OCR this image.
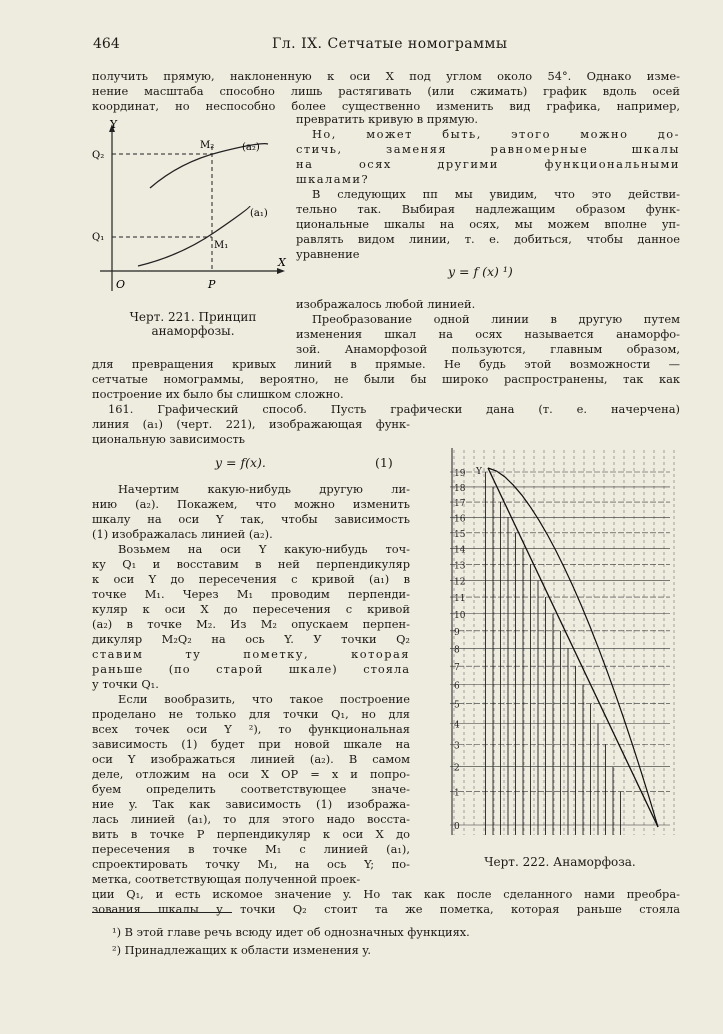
464	Гл. IX. Сетчатые номограммы
получить прямую, наклоненную к оси X под углом около 54°. Однако изме-
нение масштаба способно лишь растягивать (или сжимать) график вдоль осей
координат, но неспособно более существенно изменить вид графика, например,
Y
X
O	P
Q₂
Q₁
M₂
M₁
(a₂)
(a₁)
Черт. 221. Принцип
анаморфозы.
превратить кривую в прямую.
Но, может быть, этого можно до-
стичь, заменяя равномерные шкалы
на осях другими функциональными
шкалами?
В следующих пп мы увидим, что это действи-
тельно так. Выбирая надлежащим образом функ-
циональные шкалы на осях, мы можем вполне уп-
равлять видом линии, т. е. добиться, чтобы данное
уравнение
y = f (x) ¹)
изображалось любой линией.
Преобразование одной линии в другую путем
изменения шкал на осях называется анаморфо-
зой. Анаморфозой пользуются, главным образом,
для превращения кривых линий в прямые. Не будь этой возможности —
сетчатые номограммы, вероятно, не были бы широко распространены, так как
построение их было бы слишком сложно.
161. Графический способ. Пусть графически дана (т. е. начерчена)
линия (a₁) (черт. 221), изображающая функ-
циональную зависимость
y = f(x).	(1)
Начертим какую-нибудь другую ли-
нию (a₂). Покажем, что можно изменить
шкалу на оси Y так, чтобы зависимость
(1) изображалась линией (a₂).
Возьмем на оси Y какую-нибудь точ-
ку Q₁ и восставим в ней перпендикуляр
к оси Y до пересечения с кривой (a₁) в
точке M₁. Через M₁ проводим перпенди-
куляр к оси X до пересечения с кривой
(a₂) в точке M₂. Из M₂ опускаем перпен-
дикуляр M₂Q₂ на ось Y. У точки Q₂
ставим ту пометку, которая
раньше (по старой шкале) стояла
у точки Q₁.
Если вообразить, что такое построение
проделано не только для точки Q₁, но для
всех точек оси Y ²), то функциональная
зависимость (1) будет при новой шкале на
оси Y изображаться линией (a₂). В самом
деле, отложим на оси X OP = x и попро-
буем определить соответствующее значе-
ние y. Так как зависимость (1) изобража-
лась линией (a₁), то для этого надо восста-
вить в точке P перпендикуляр к оси X до
пересечения в точке M₁ с линией (a₁),
спроектировать точку M₁, на ось Y; по-
метка, соответствующая полученной проек-
0
1
2
3
4
5
6
7
8
9
10
11
12
13
14
15
16
17
18
19 Y
Черт. 222. Анаморфоза.
ции Q₁, и есть искомое значение y. Но так как после сделанного нами преобра-
зования шкалы у точки Q₂ стоит та же пометка, которая раньше стояла
¹) В этой главе речь всюду идет об однозначных функциях.
²) Принадлежащих к области изменения y.
